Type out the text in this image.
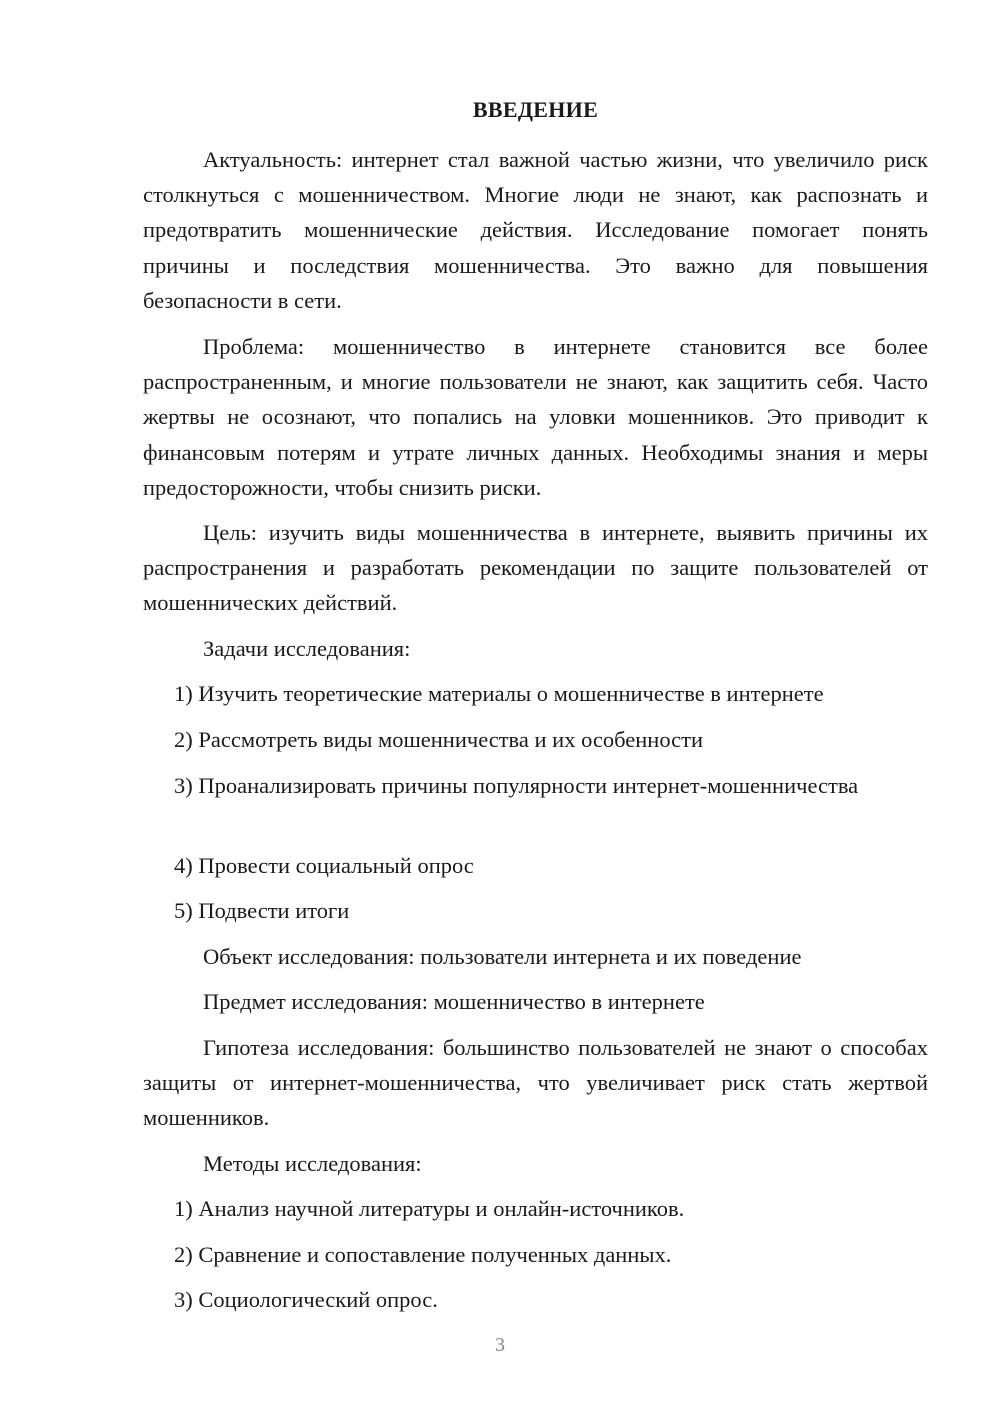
ВВЕДЕНИЕ

Актуальность: интернет стал важной частью жизни, что увеличило риск столкнуться с мошенничеством. Многие люди не знают, как распознать и предотвратить мошеннические действия. Исследование помогает понять причины и последствия мошенничества. Это важно для повышения безопасности в сети.

Проблема: мошенничество в интернете становится все более распространенным, и многие пользователи не знают, как защитить себя. Часто жертвы не осознают, что попались на уловки мошенников. Это приводит к финансовым потерям и утрате личных данных. Необходимы знания и меры предосторожности, чтобы снизить риски.

Цель: изучить виды мошенничества в интернете, выявить причины их распространения и разработать рекомендации по защите пользователей от мошеннических действий.

Задачи исследования:

1) Изучить теоретические материалы о мошенничестве в интернете

2) Рассмотреть виды мошенничества и их особенности

3) Проанализировать причины популярности интернет-мошенничества

4) Провести социальный опрос

5) Подвести итоги

Объект исследования: пользователи интернета и их поведение

Предмет исследования: мошенничество в интернете

Гипотеза исследования: большинство пользователей не знают о способах защиты от интернет-мошенничества, что увеличивает риск стать жертвой мошенников.

Методы исследования:

1) Анализ научной литературы и онлайн-источников.

2) Сравнение и сопоставление полученных данных.

3) Социологический опрос.

3
